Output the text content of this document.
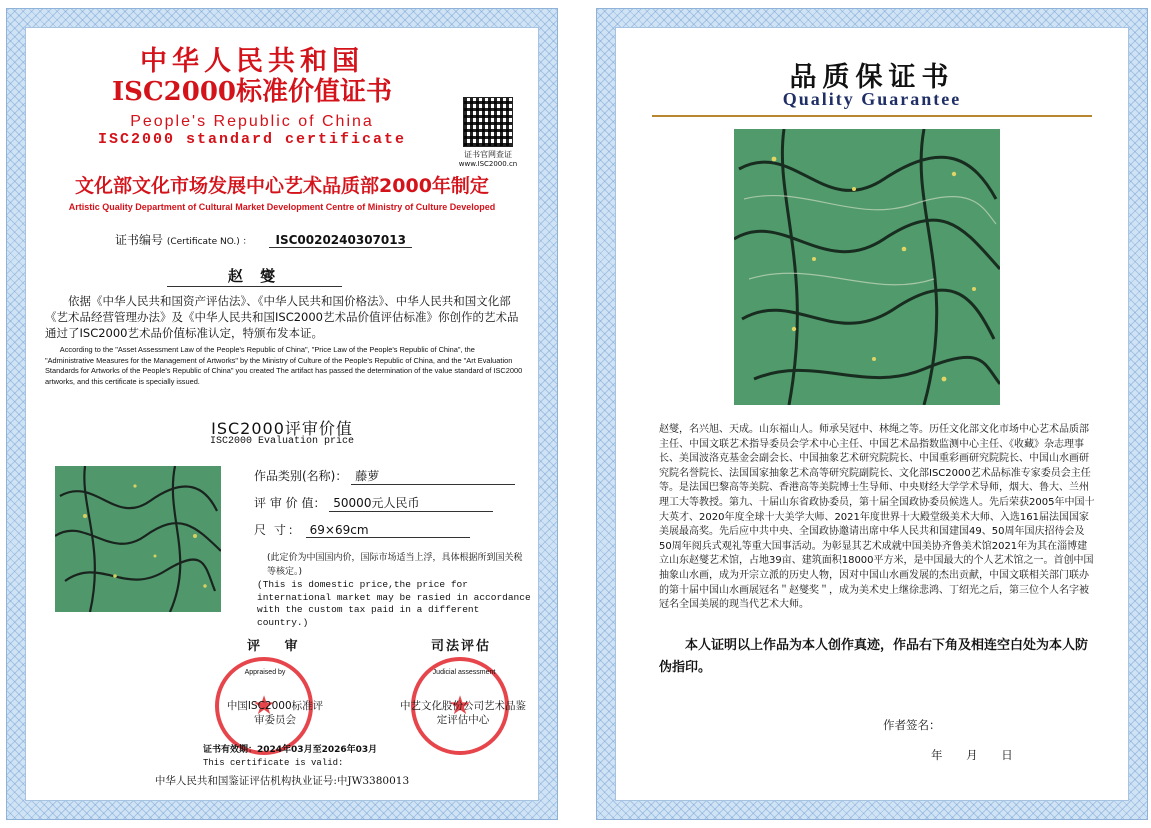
中华人民共和国
ISC2000标准价值证书
People's Republic of China
ISC2000 standard certificate
证书官网查证
www.ISC2000.cn
文化部文化市场发展中心艺术品质部2000年制定
Artistic Quality Department of Cultural Market Development Centre of Ministry of Culture Developed
证书编号 (Certificate NO.) ： ISC0020240307013
赵 燮
依据《中华人民共和国资产评估法》、《中华人民共和国价格法》、中华人民共和国文化部《艺术品经营管理办法》及《中华人民共和国ISC2000艺术品价值评估标准》你创作的艺术品通过了ISC2000艺术品价值标准认定，特颁布发本证。
According to the "Asset Assessment Law of the People's Republic of China", "Price Law of the People's Republic of China", the "Administrative Measures for the Management of Artworks" by the Ministry of Culture of the People's Republic of China, and the "Art Evaluation Standards for Artworks of the People's Republic of China" you created The artifact has passed the determination of the value standard of ISC2000 artworks, and this certificate is specially issued.
ISC2000评审价值
ISC2000 Evaluation price
作品类别(名称)： 藤萝
评 审 价 值： 50000元人民币
尺 寸： 69×69cm
(此定价为中国国内价，国际市场适当上浮，具体根据所到国关税等核定。)
(This is domestic price,the price for international market may be rasied in accordance with the custom tax paid in a different country.)
评 审	司法评估
★
Appraised by
中国ISC2000标准评审委员会
★
Judicial assessment
中艺文化股份公司艺术品鉴定评估中心
证书有效期：2024年03月至2026年03月
This certificate is valid:
中华人民共和国鉴证评估机构执业证号:中JW3380013
品质保证书
Quality Guarantee
赵燮，名兴旭、天成。山东福山人。师承吴冠中、林绳之等。历任文化部文化市场中心艺术品质部主任、中国文联艺术指导委员会学术中心主任、中国艺术品指数监测中心主任、《收藏》杂志理事长、美国波洛克基金会副会长、中国抽象艺术研究院院长、中国重彩画研究院院长、中国山水画研究院名誉院长、法国国家抽象艺术高等研究院副院长、文化部ISC2000艺术品标准专家委员会主任等。是法国巴黎高等美院、香港高等美院博士生导师、中央财经大学学术导师，烟大、鲁大、兰州理工大等教授。第九、十届山东省政协委员，第十届全国政协委员候选人。先后荣获2005年中国十大英才、2020年度全球十大美学大师、2021年度世界十大殿堂级美术大师、入选161届法国国家美展最高奖。先后应中共中央、全国政协邀请出席中华人民共和国建国49、50周年国庆招待会及50周年阅兵式观礼等重大国事活动。为彰显其艺术成就中国美协齐鲁美术馆2021年为其在淄博建立山东赵燮艺术馆，占地39亩、建筑面积18000平方米，是中国最大的个人艺术馆之一。首创中国抽象山水画，成为开宗立派的历史人物，因对中国山水画发展的杰出贡献，中国文联相关部门联办的第十届中国山水画展冠名＂赵燮奖＂，成为美术史上继徐悲鸿、丁绍光之后，第三位个人名字被冠名全国美展的现当代艺术大师。
本人证明以上作品为本人创作真迹，作品右下角及相连空白处为本人防伪指印。
作者签名：
年 月 日
